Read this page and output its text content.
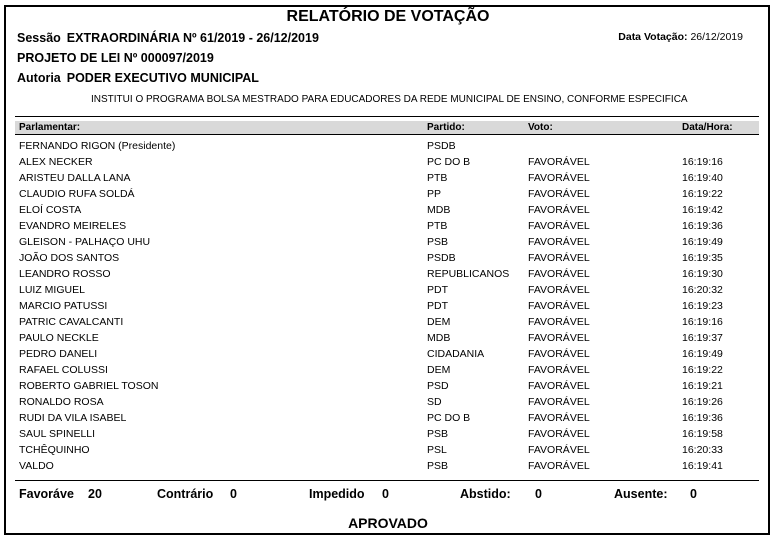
RELATÓRIO DE VOTAÇÃO
Sessão EXTRAORDINÁRIA Nº 61/2019 - 26/12/2019	Data Votação: 26/12/2019
PROJETO DE LEI Nº 000097/2019
Autoria PODER EXECUTIVO MUNICIPAL
INSTITUI O PROGRAMA BOLSA MESTRADO PARA EDUCADORES DA REDE MUNICIPAL DE ENSINO, CONFORME ESPECIFICA
Parlamentar:	Partido:	Voto:	Data/Hora:
FERNANDO RIGON (Presidente)	PSDB
ALEX NECKER	PC DO B	FAVORÁVEL	16:19:16
ARISTEU DALLA LANA	PTB	FAVORÁVEL	16:19:40
CLAUDIO RUFA SOLDÁ	PP	FAVORÁVEL	16:19:22
ELOÍ COSTA	MDB	FAVORÁVEL	16:19:42
EVANDRO MEIRELES	PTB	FAVORÁVEL	16:19:36
GLEISON - PALHAÇO UHU	PSB	FAVORÁVEL	16:19:49
JOÃO DOS SANTOS	PSDB	FAVORÁVEL	16:19:35
LEANDRO ROSSO	REPUBLICANOS FAVORÁVEL	16:19:30
LUIZ MIGUEL	PDT	FAVORÁVEL	16:20:32
MARCIO PATUSSI	PDT	FAVORÁVEL	16:19:23
PATRIC CAVALCANTI	DEM	FAVORÁVEL	16:19:16
PAULO NECKLE	MDB	FAVORÁVEL	16:19:37
PEDRO DANELI	CIDADANIA	FAVORÁVEL	16:19:49
RAFAEL COLUSSI	DEM	FAVORÁVEL	16:19:22
ROBERTO GABRIEL TOSON	PSD	FAVORÁVEL	16:19:21
RONALDO ROSA	SD	FAVORÁVEL	16:19:26
RUDI DA VILA ISABEL	PC DO B	FAVORÁVEL	16:19:36
SAUL SPINELLI	PSB	FAVORÁVEL	16:19:58
TCHÊQUINHO	PSL	FAVORÁVEL	16:20:33
VALDO	PSB	FAVORÁVEL	16:19:41
Favoráve 20	Contrário 0	Impedido 0	Abstido: 0	Ausente: 0
APROVADO
